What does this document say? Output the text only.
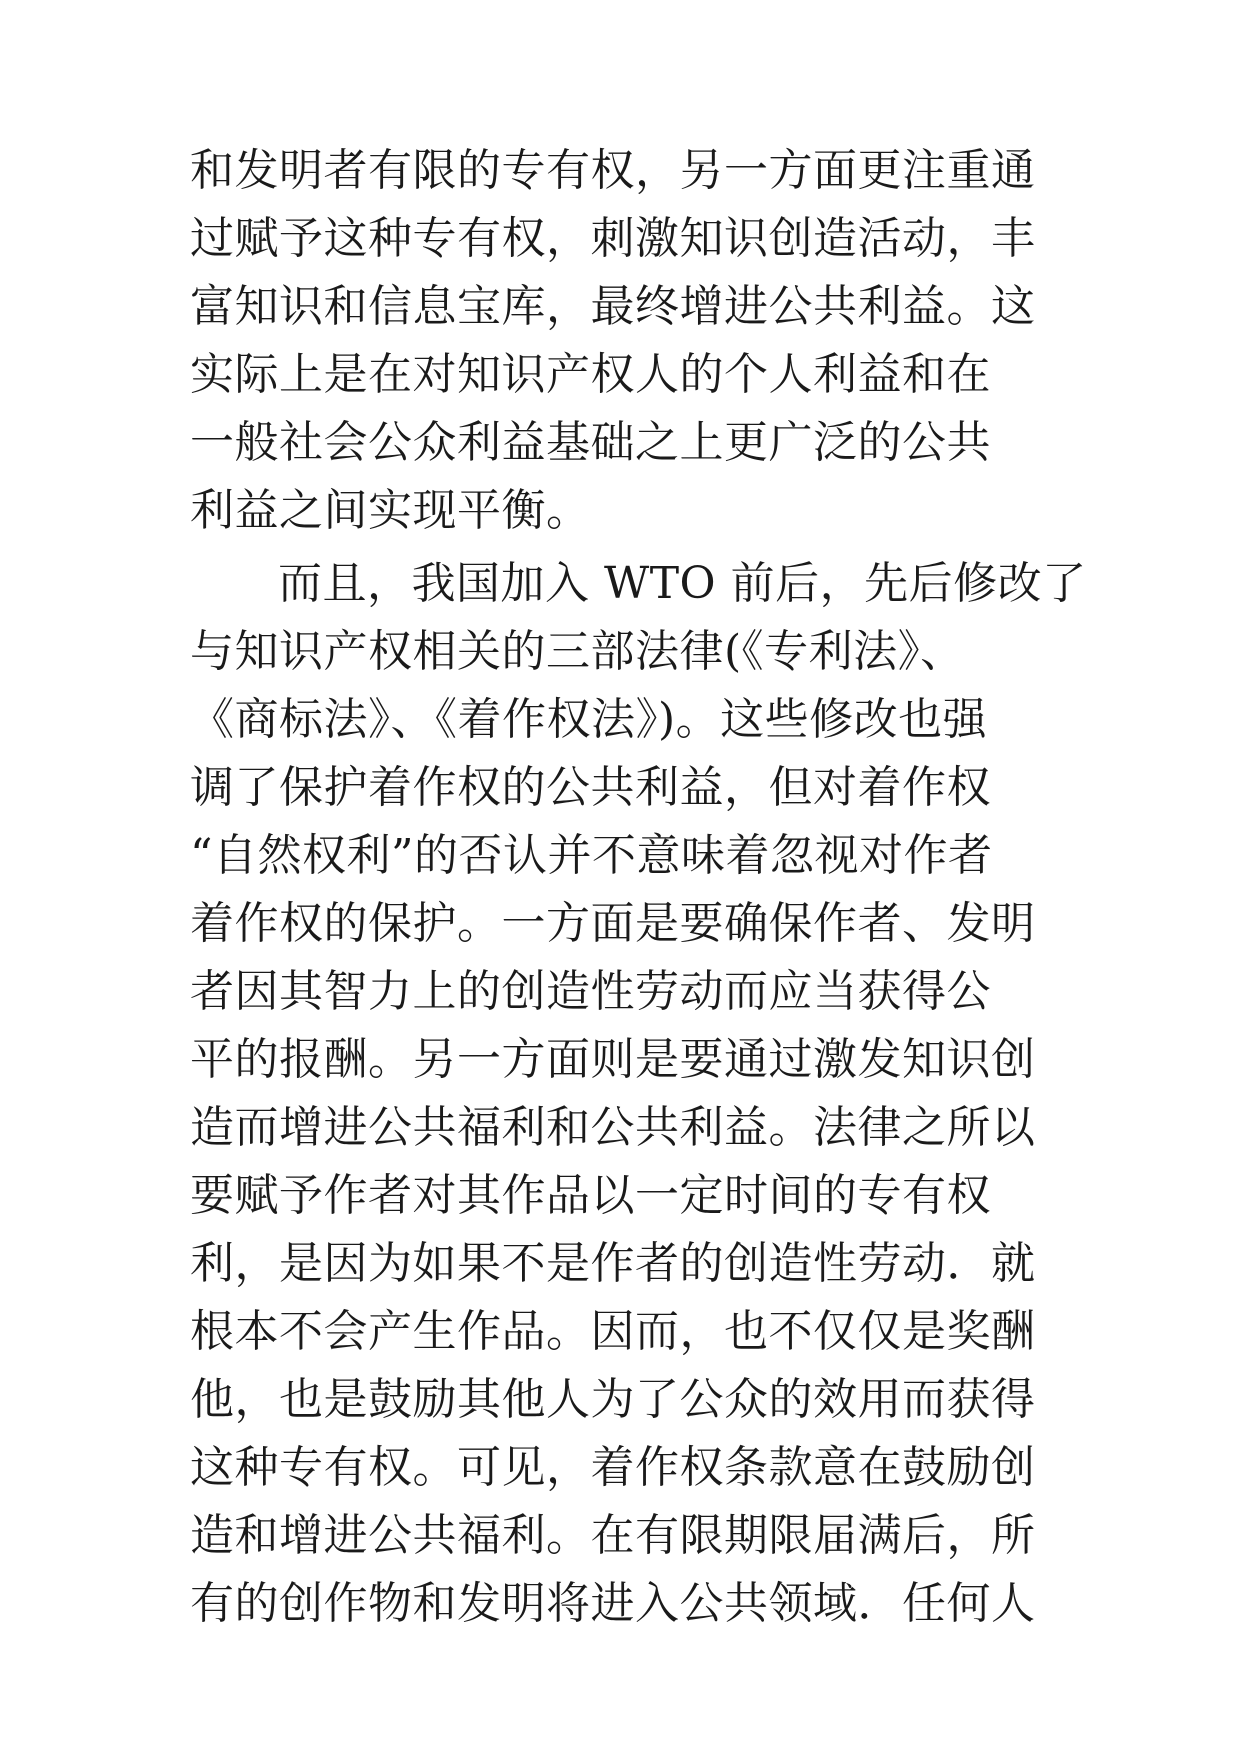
和发明者有限的专有权，另一方面更注重通
过赋予这种专有权，刺激知识创造活动，丰
富知识和信息宝库，最终增进公共利益。这
实际上是在对知识产权人的个人利益和在
一般社会公众利益基础之上更广泛的公共
利益之间实现平衡。
而且，我国加入 WTO 前后，先后修改了
与知识产权相关的三部法律(《专利法》、
《商标法》、《着作权法》)。这些修改也强
调了保护着作权的公共利益，但对着作权
“自然权利”的否认并不意味着忽视对作者
着作权的保护。一方面是要确保作者、发明
者因其智力上的创造性劳动而应当获得公
平的报酬。另一方面则是要通过激发知识创
造而增进公共福利和公共利益。法律之所以
要赋予作者对其作品以一定时间的专有权
利，是因为如果不是作者的创造性劳动．就
根本不会产生作品。因而，也不仅仅是奖酬
他，也是鼓励其他人为了公众的效用而获得
这种专有权。可见，着作权条款意在鼓励创
造和增进公共福利。在有限期限届满后，所
有的创作物和发明将进入公共领域．任何人
